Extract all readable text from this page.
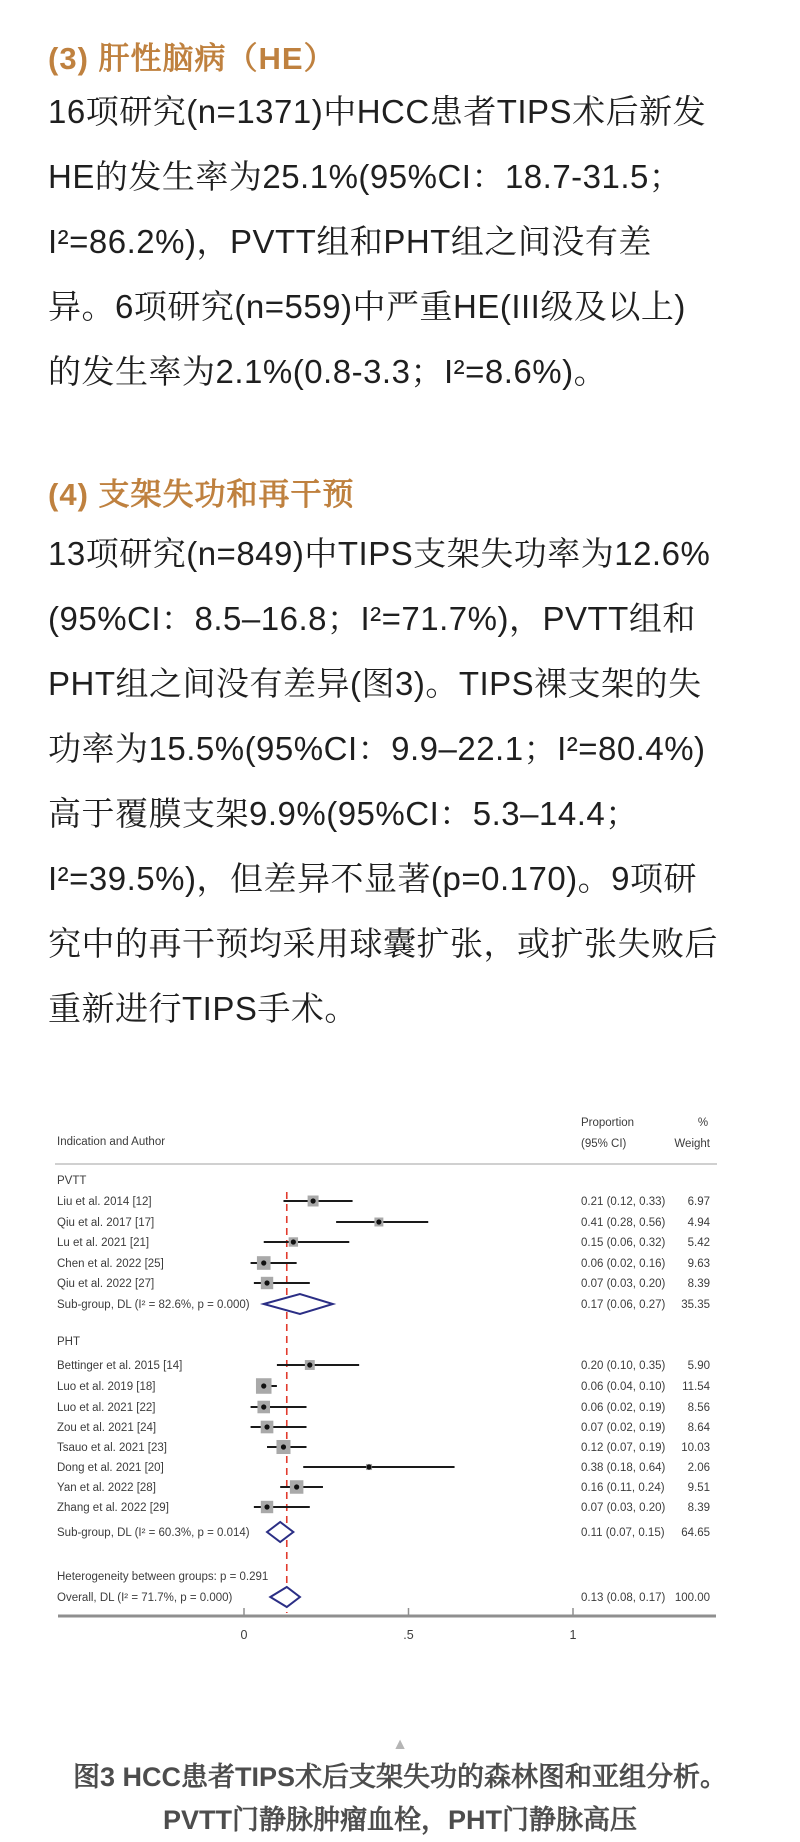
(3) 肝性脑病（HE）
16项研究(n=1371)中HCC患者TIPS术后新发
HE的发生率为25.1%(95%CI：18.7-31.5；
I²=86.2%)，PVTT组和PHT组之间没有差
异。6项研究(n=559)中严重HE(III级及以上)
的发生率为2.1%(0.8-3.3；I²=8.6%)。
(4) 支架失功和再干预
13项研究(n=849)中TIPS支架失功率为12.6%
(95%CI：8.5–16.8；I²=71.7%)，PVTT组和
PHT组之间没有差异(图3)。TIPS裸支架的失
功率为15.5%(95%CI：9.9–22.1；I²=80.4%)
高于覆膜支架9.9%(95%CI：5.3–14.4；
I²=39.5%)，但差异不显著(p=0.170)。9项研
究中的再干预均采用球囊扩张，或扩张失败后
重新进行TIPS手术。
Indication and Author
Proportion
(95% CI)
%
Weight
PVTT
Liu et al. 2014 [12]	0.21 (0.12, 0.33) 6.97
Qiu et al. 2017 [17]	0.41 (0.28, 0.56) 4.94
Lu et al. 2021 [21]	0.15 (0.06, 0.32) 5.42
Chen et al. 2022 [25]	0.06 (0.02, 0.16) 9.63
Qiu et al. 2022 [27]	0.07 (0.03, 0.20) 8.39
Sub-group, DL (I² = 82.6%, p = 0.000)	0.17 (0.06, 0.27) 35.35
PHT
Bettinger et al. 2015 [14]	0.20 (0.10, 0.35) 5.90
Luo et al. 2019 [18]	0.06 (0.04, 0.10) 11.54
Luo et al. 2021 [22]	0.06 (0.02, 0.19) 8.56
Zou et al. 2021 [24]	0.07 (0.02, 0.19) 8.64
Tsauo et al. 2021 [23]	0.12 (0.07, 0.19) 10.03
Dong et al. 2021 [20]	0.38 (0.18, 0.64) 2.06
Yan et al. 2022 [28]	0.16 (0.11, 0.24) 9.51
Zhang et al. 2022 [29]	0.07 (0.03, 0.20) 8.39
Sub-group, DL (I² = 60.3%, p = 0.014)	0.11 (0.07, 0.15) 64.65
Heterogeneity between groups: p = 0.291
Overall, DL (I² = 71.7%, p = 0.000)	0.13 (0.08, 0.17) 100.00
0	.5	1
▲
图3 HCC患者TIPS术后支架失功的森林图和亚组分析。
PVTT门静脉肿瘤血栓，PHT门静脉高压
